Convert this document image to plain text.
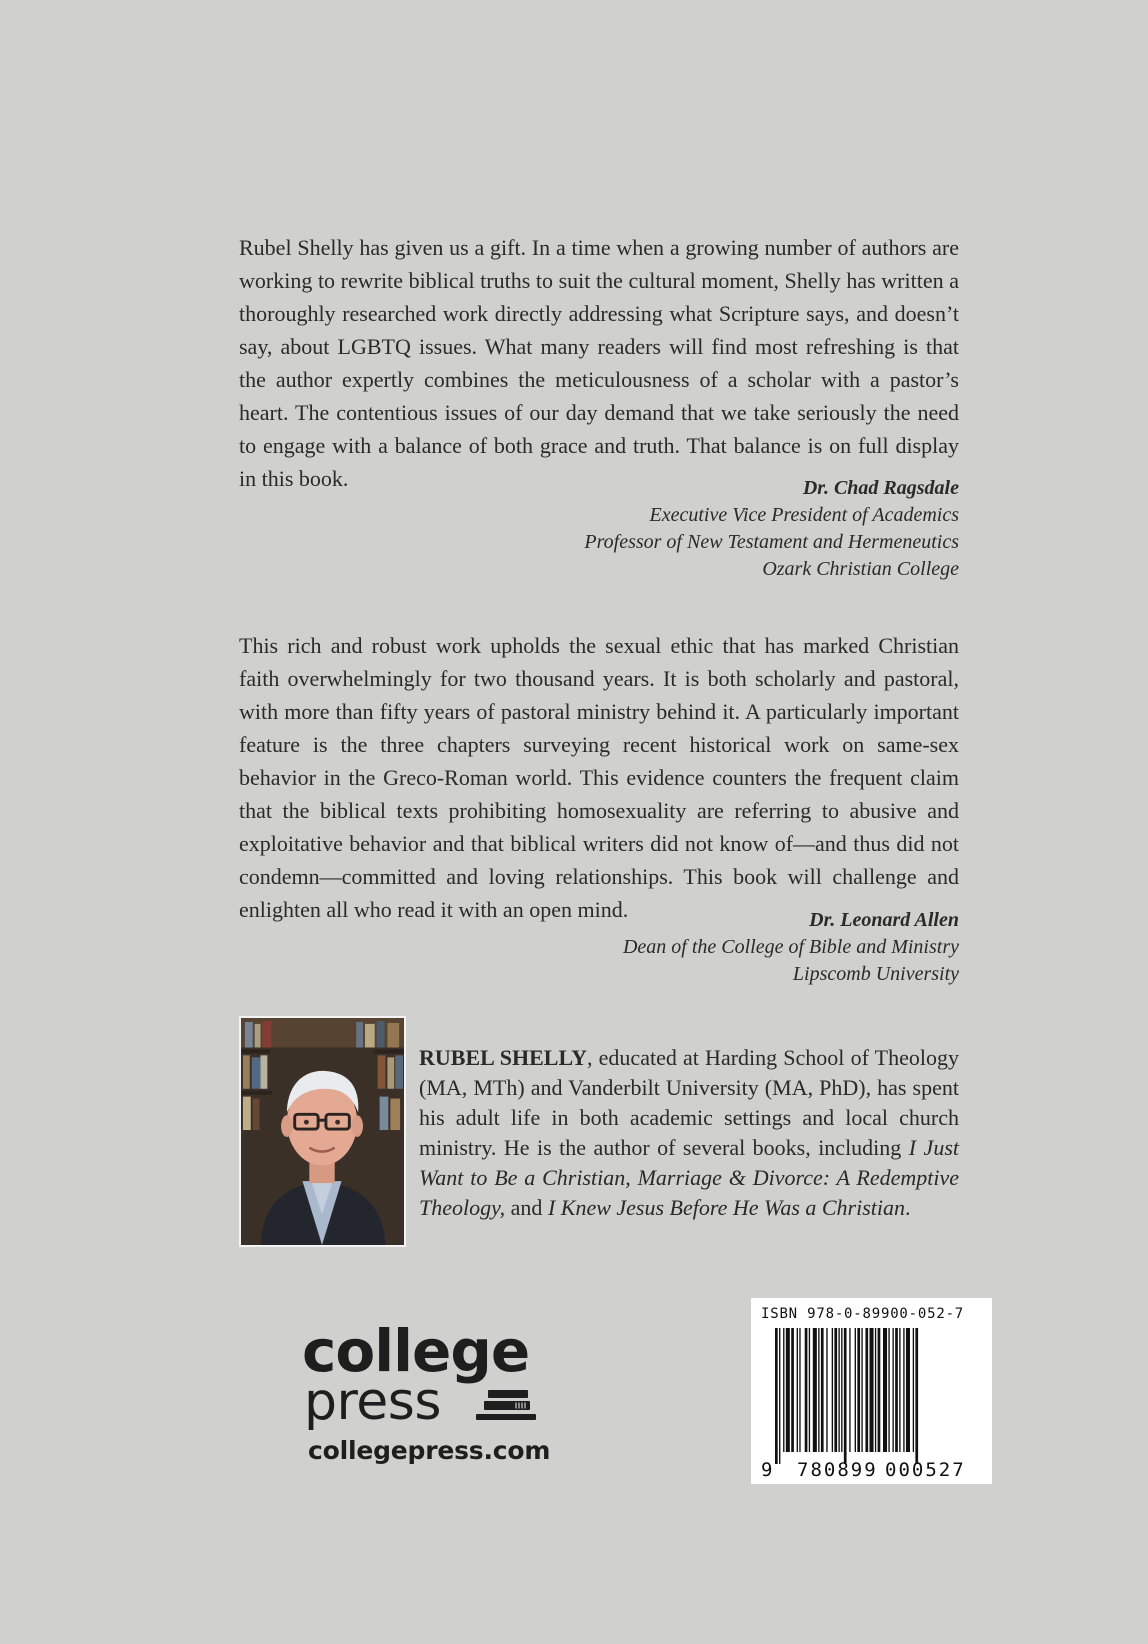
Rubel Shelly has given us a gift. In a time when a growing number of authors are working to rewrite biblical truths to suit the cultural moment, Shelly has written a thoroughly researched work directly addressing what Scripture says, and doesn’t say, about LGBTQ issues. What many readers will find most refreshing is that the author expertly combines the meticulousness of a scholar with a pastor’s heart. The contentious issues of our day demand that we take seriously the need to engage with a balance of both grace and truth. That balance is on full display in this book.	Dr. Chad Ragsdale
Executive Vice President of Academics
Professor of New Testament and Hermeneutics
Ozark Christian College

This rich and robust work upholds the sexual ethic that has marked Christian faith overwhelmingly for two thousand years. It is both scholarly and pastoral, with more than fifty years of pastoral ministry behind it. A particularly important feature is the three chapters surveying recent historical work on same-sex behavior in the Greco-Roman world. This evidence counters the frequent claim that the biblical texts prohibiting homosexuality are referring to abusive and exploitative behavior and that biblical writers did not know of—and thus did not condemn—committed and loving relationships. This book will challenge and enlighten all who read it with an open mind.	Dr. Leonard Allen
Dean of the College of Bible and Ministry
Lipscomb University

RUBEL SHELLY, educated at Harding School of Theology (MA, MTh) and Vanderbilt University (MA, PhD), has spent his adult life in both academic settings and local church ministry. He is the author of several books, including I Just Want to Be a Christian, Marriage & Divorce: A Redemptive Theology, and I Knew Jesus Before He Was a Christian.

college
press
collegepress.com
ISBN 978-0-89900-052-7
9 780899 000527
